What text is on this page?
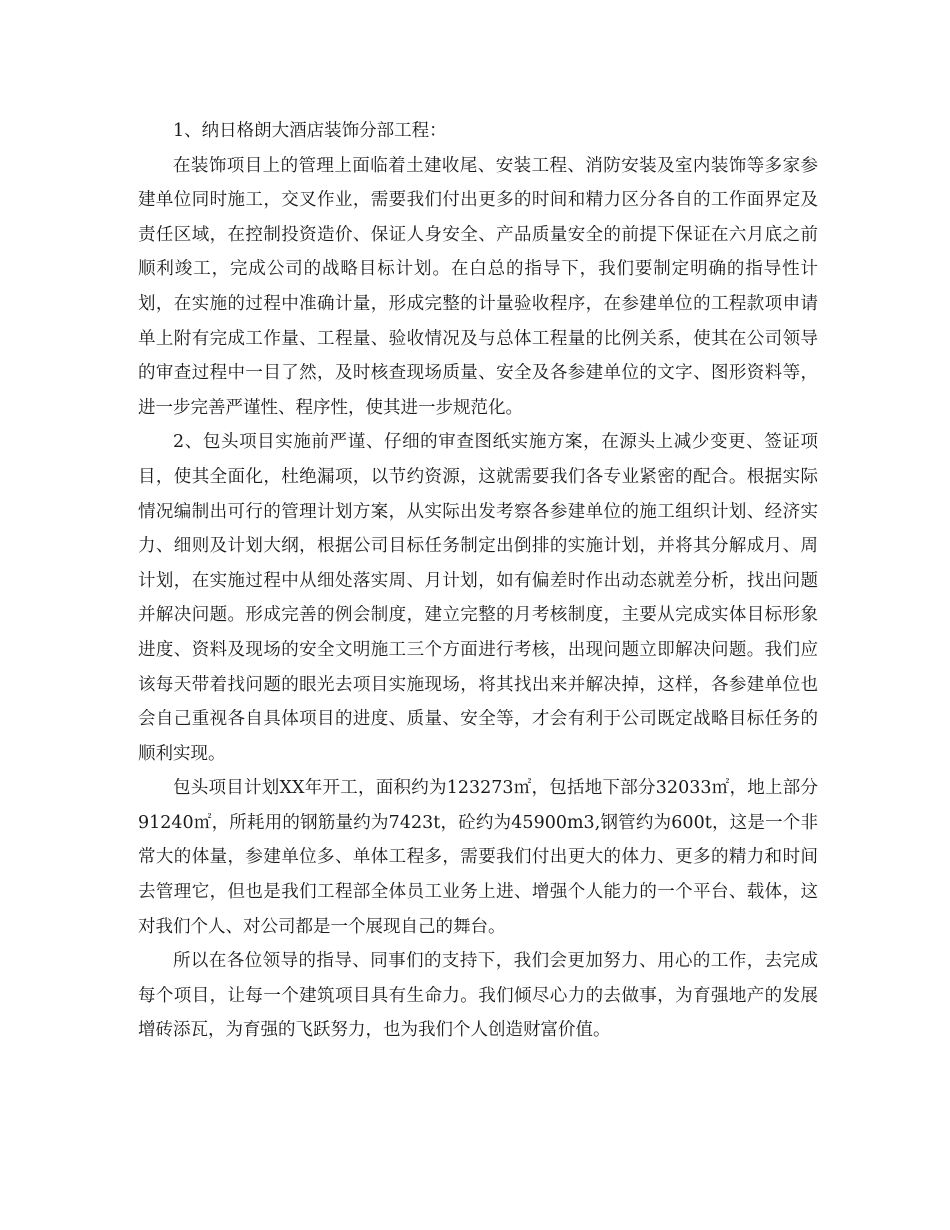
1、纳日格朗大酒店装饰分部工程：

在装饰项目上的管理上面临着土建收尾、安装工程、消防安装及室内装饰等多家参建单位同时施工，交叉作业，需要我们付出更多的时间和精力区分各自的工作面界定及责任区域，在控制投资造价、保证人身安全、产品质量安全的前提下保证在六月底之前顺利竣工，完成公司的战略目标计划。在白总的指导下，我们要制定明确的指导性计划，在实施的过程中准确计量，形成完整的计量验收程序，在参建单位的工程款项申请单上附有完成工作量、工程量、验收情况及与总体工程量的比例关系，使其在公司领导的审查过程中一目了然，及时核查现场质量、安全及各参建单位的文字、图形资料等，进一步完善严谨性、程序性，使其进一步规范化。

2、包头项目实施前严谨、仔细的审查图纸实施方案，在源头上减少变更、签证项目，使其全面化，杜绝漏项，以节约资源，这就需要我们各专业紧密的配合。根据实际情况编制出可行的管理计划方案，从实际出发考察各参建单位的施工组织计划、经济实力、细则及计划大纲，根据公司目标任务制定出倒排的实施计划，并将其分解成月、周计划，在实施过程中从细处落实周、月计划，如有偏差时作出动态就差分析，找出问题并解决问题。形成完善的例会制度，建立完整的月考核制度，主要从完成实体目标形象进度、资料及现场的安全文明施工三个方面进行考核，出现问题立即解决问题。我们应该每天带着找问题的眼光去项目实施现场，将其找出来并解决掉，这样，各参建单位也会自己重视各自具体项目的进度、质量、安全等，才会有利于公司既定战略目标任务的顺利实现。

包头项目计划XX年开工，面积约为123273㎡，包括地下部分32033㎡，地上部分91240㎡，所耗用的钢筋量约为7423t，砼约为45900m3,钢管约为600t，这是一个非常大的体量，参建单位多、单体工程多，需要我们付出更大的体力、更多的精力和时间去管理它，但也是我们工程部全体员工业务上进、增强个人能力的一个平台、载体，这对我们个人、对公司都是一个展现自己的舞台。

所以在各位领导的指导、同事们的支持下，我们会更加努力、用心的工作，去完成每个项目，让每一个建筑项目具有生命力。我们倾尽心力的去做事，为育强地产的发展增砖添瓦，为育强的飞跃努力，也为我们个人创造财富价值。
